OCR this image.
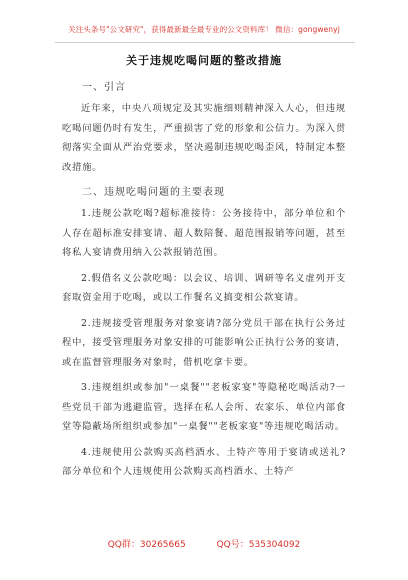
关注头条号"公文研究"，获得最新最全最专业的公文资料库！ 微信：gongwenyj
关于违规吃喝问题的整改措施
一、引言

近年来，中央八项规定及其实施细则精神深入人心，但违规吃喝问题仍时有发生，严重损害了党的形象和公信力。为深入贯彻落实全面从严治党要求，坚决遏制违规吃喝歪风，特制定本整改措施。

二、违规吃喝问题的主要表现

1.违规公款吃喝?超标准接待：公务接待中，部分单位和个人存在超标准安排宴请、超人数陪餐、超范围报销等问题，甚至将私人宴请费用纳入公款报销范围。

2.假借名义公款吃喝：以会议、培训、调研等名义虚列开支套取资金用于吃喝，或以工作餐名义搞变相公款宴请。

2.违规接受管理服务对象宴请?部分党员干部在执行公务过程中，接受管理服务对象安排的可能影响公正执行公务的宴请，或在监督管理服务对象时，借机吃拿卡要。

3.违规组织或参加"一桌餐""老板家宴"等隐秘吃喝活动?一些党员干部为逃避监管，选择在私人会所、农家乐、单位内部食堂等隐蔽场所组织或参加"一桌餐""老板家宴"等违规吃喝活动。

4.违规使用公款购买高档酒水、土特产等用于宴请或送礼?部分单位和个人违规使用公款购买高档酒水、土特产

QQ群：30265665	QQ号：535304092
